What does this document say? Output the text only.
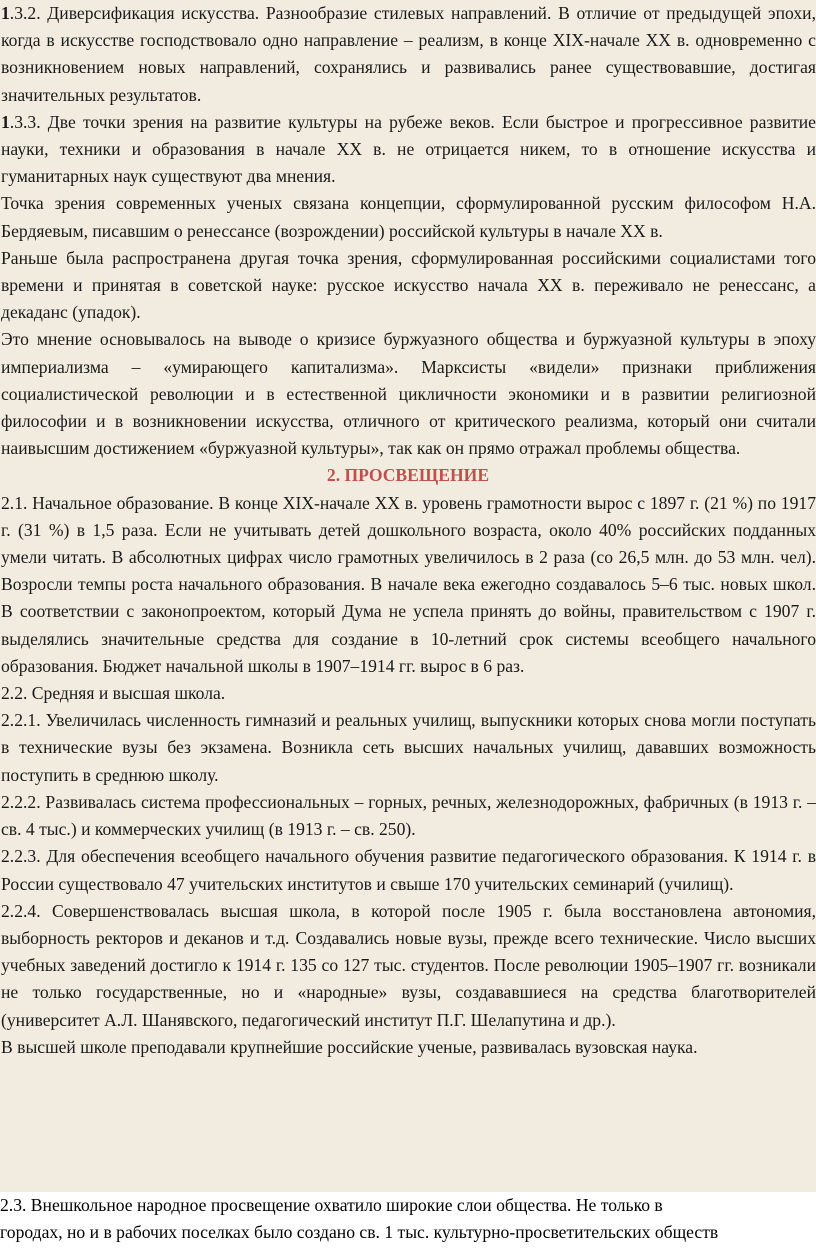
1.3.2. Диверсификация искусства. Разнообразие стилевых направлений. В отличие от предыдущей эпохи, когда в искусстве господствовало одно направление – реализм, в конце XIX-начале XX в. одновременно с возникновением новых направлений, сохранялись и развивались ранее существовавшие, достигая значительных результатов.

1.3.3. Две точки зрения на развитие культуры на рубеже веков. Если быстрое и прогрессивное развитие науки, техники и образования в начале XX в. не отрицается никем, то в отношение искусства и гуманитарных наук существуют два мнения.

Точка зрения современных ученых связана концепции, сформулированной русским философом Н.А. Бердяевым, писавшим о ренессансе (возрождении) российской культуры в начале XX в.

Раньше была распространена другая точка зрения, сформулированная российскими социалистами того времени и принятая в советской науке: русское искусство начала XX в. переживало не ренессанс, а декаданс (упадок).

Это мнение основывалось на выводе о кризисе буржуазного общества и буржуазной культуры в эпоху империализма – «умирающего капитализма». Марксисты «видели» признаки приближения социалистической революции и в естественной цикличности экономики и в развитии религиозной философии и в возникновении искусства, отличного от критического реализма, который они считали наивысшим достижением «буржуазной культуры», так как он прямо отражал проблемы общества.

2. ПРОСВЕЩЕНИЕ

2.1. Начальное образование. В конце XIX-начале XX в. уровень грамотности вырос с 1897 г. (21 %) по 1917 г. (31 %) в 1,5 раза. Если не учитывать детей дошкольного возраста, около 40% российских подданных умели читать. В абсолютных цифрах число грамотных увеличилось в 2 раза (со 26,5 млн. до 53 млн. чел). Возросли темпы роста начального образования. В начале века ежегодно создавалось 5–6 тыс. новых школ. В соответствии с законопроектом, который Дума не успела принять до войны, правительством с 1907 г. выделялись значительные средства для создание в 10-летний срок системы всеобщего начального образования. Бюджет начальной школы в 1907–1914 гг. вырос в 6 раз.

2.2. Средняя и высшая школа.

2.2.1. Увеличилась численность гимназий и реальных училищ, выпускники которых снова могли поступать в технические вузы без экзамена. Возникла сеть высших начальных училищ, дававших возможность поступить в среднюю школу.

2.2.2. Развивалась система профессиональных – горных, речных, железнодорожных, фабричных (в 1913 г. – св. 4 тыс.) и коммерческих училищ (в 1913 г. – св. 250).

2.2.3. Для обеспечения всеобщего начального обучения развитие педагогического образования. К 1914 г. в России существовало 47 учительских институтов и свыше 170 учительских семинарий (училищ).

2.2.4. Совершенствовалась высшая школа, в которой после 1905 г. была восстановлена автономия, выборность ректоров и деканов и т.д. Создавались новые вузы, прежде всего технические. Число высших учебных заведений достигло к 1914 г. 135 со 127 тыс. студентов. После революции 1905–1907 гг. возникали не только государственные, но и «народные» вузы, создававшиеся на средства благотворителей (университет А.Л. Шанявского, педагогический институт П.Г. Шелапутина и др.).

В высшей школе преподавали крупнейшие российские ученые, развивалась вузовская наука.

2.3. Внешкольное народное просвещение охватило широкие слои общества. Не только в
городах, но и в рабочих поселках было создано св. 1 тыс. культурно-просветительских обществ
